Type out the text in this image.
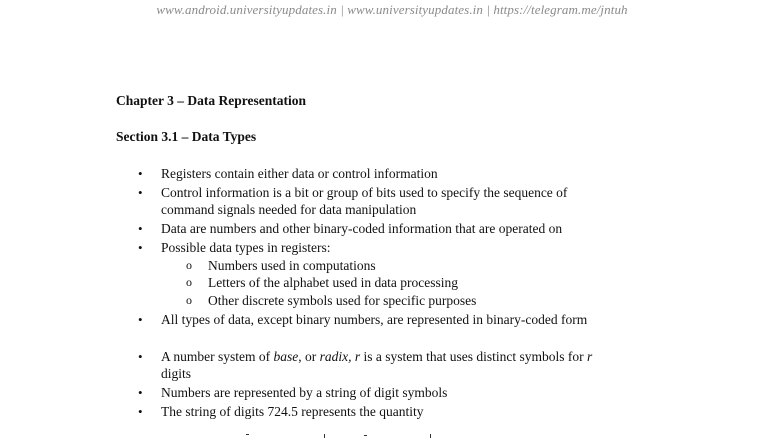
www.android.universityupdates.in | www.universityupdates.in | https://telegram.me/jntuh
Chapter 3 – Data Representation
Section 3.1 – Data Types
• Registers contain either data or control information
• Control information is a bit or group of bits used to specify the sequence of
command signals needed for data manipulation
• Data are numbers and other binary-coded information that are operated on
• Possible data types in registers:
o Numbers used in computations
o Letters of the alphabet used in data processing
o Other discrete symbols used for specific purposes
• All types of data, except binary numbers, are represented in binary-coded form
• A number system of base, or radix, r is a system that uses distinct symbols for r
digits
• Numbers are represented by a string of digit symbols
• The string of digits 724.5 represents the quantity
